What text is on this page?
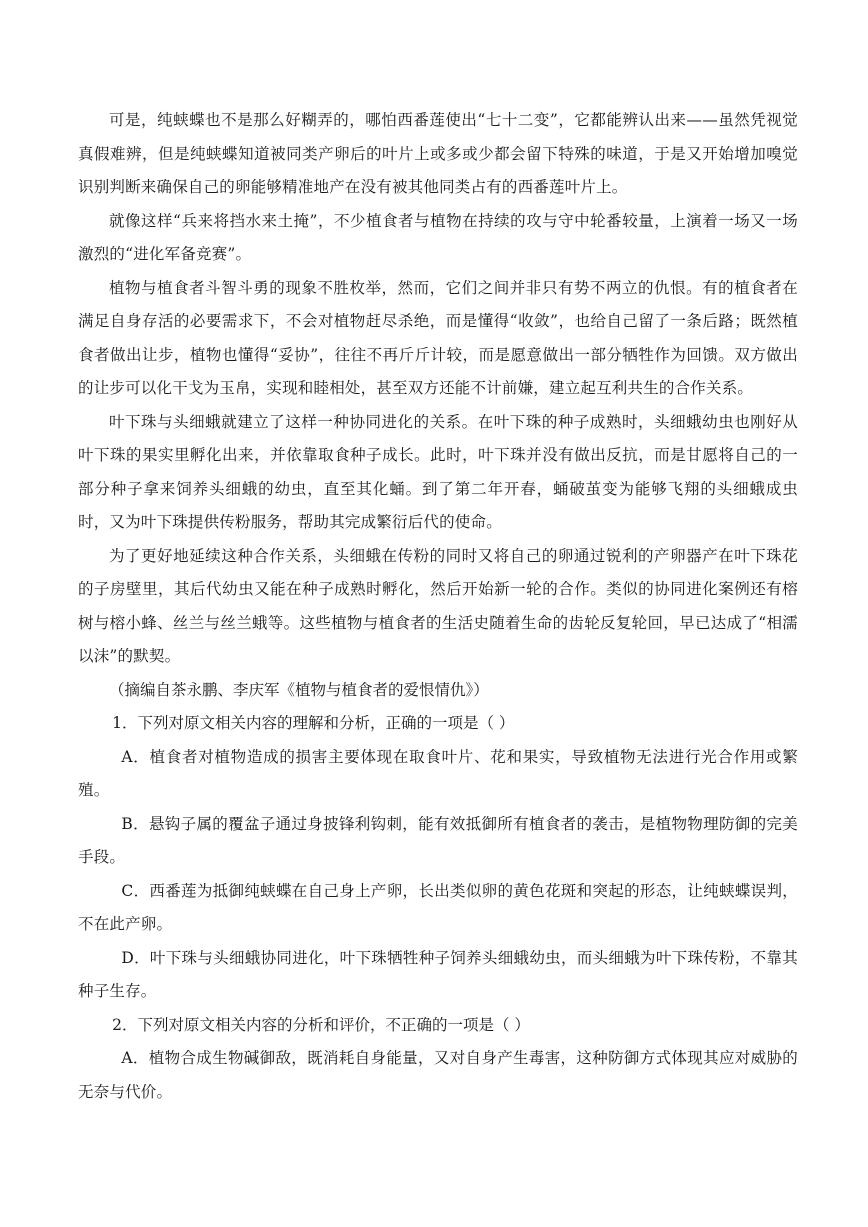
可是，纯蛱蝶也不是那么好糊弄的，哪怕西番莲使出“七十二变”，它都能辨认出来——虽然凭视觉真假难辨，但是纯蛱蝶知道被同类产卵后的叶片上或多或少都会留下特殊的味道，于是又开始增加嗅觉识别判断来确保自己的卵能够精准地产在没有被其他同类占有的西番莲叶片上。

就像这样“兵来将挡水来土掩”，不少植食者与植物在持续的攻与守中轮番较量，上演着一场又一场激烈的“进化军备竞赛”。

植物与植食者斗智斗勇的现象不胜枚举，然而，它们之间并非只有势不两立的仇恨。有的植食者在满足自身存活的必要需求下，不会对植物赶尽杀绝，而是懂得“收敛”，也给自己留了一条后路；既然植食者做出让步，植物也懂得“妥协”，往往不再斤斤计较，而是愿意做出一部分牺牲作为回馈。双方做出的让步可以化干戈为玉帛，实现和睦相处，甚至双方还能不计前嫌，建立起互利共生的合作关系。

叶下珠与头细蛾就建立了这样一种协同进化的关系。在叶下珠的种子成熟时，头细蛾幼虫也刚好从叶下珠的果实里孵化出来，并依靠取食种子成长。此时，叶下珠并没有做出反抗，而是甘愿将自己的一部分种子拿来饲养头细蛾的幼虫，直至其化蛹。到了第二年开春，蛹破茧变为能够飞翔的头细蛾成虫时，又为叶下珠提供传粉服务，帮助其完成繁衍后代的使命。

为了更好地延续这种合作关系，头细蛾在传粉的同时又将自己的卵通过锐利的产卵器产在叶下珠花的子房壁里，其后代幼虫又能在种子成熟时孵化，然后开始新一轮的合作。类似的协同进化案例还有榕树与榕小蜂、丝兰与丝兰蛾等。这些植物与植食者的生活史随着生命的齿轮反复轮回，早已达成了“相濡以沫”的默契。

（摘编自茶永鹏、李庆军《植物与植食者的爱恨情仇》）

1．下列对原文相关内容的理解和分析，正确的一项是（ ）

A．植食者对植物造成的损害主要体现在取食叶片、花和果实，导致植物无法进行光合作用或繁殖。

B．悬钩子属的覆盆子通过身披锋利钩刺，能有效抵御所有植食者的袭击，是植物物理防御的完美手段。

C．西番莲为抵御纯蛱蝶在自己身上产卵，长出类似卵的黄色花斑和突起的形态，让纯蛱蝶误判，不在此产卵。

D．叶下珠与头细蛾协同进化，叶下珠牺牲种子饲养头细蛾幼虫，而头细蛾为叶下珠传粉，不靠其种子生存。

2．下列对原文相关内容的分析和评价，不正确的一项是（ ）

A．植物合成生物碱御敌，既消耗自身能量，又对自身产生毒害，这种防御方式体现其应对威胁的无奈与代价。
